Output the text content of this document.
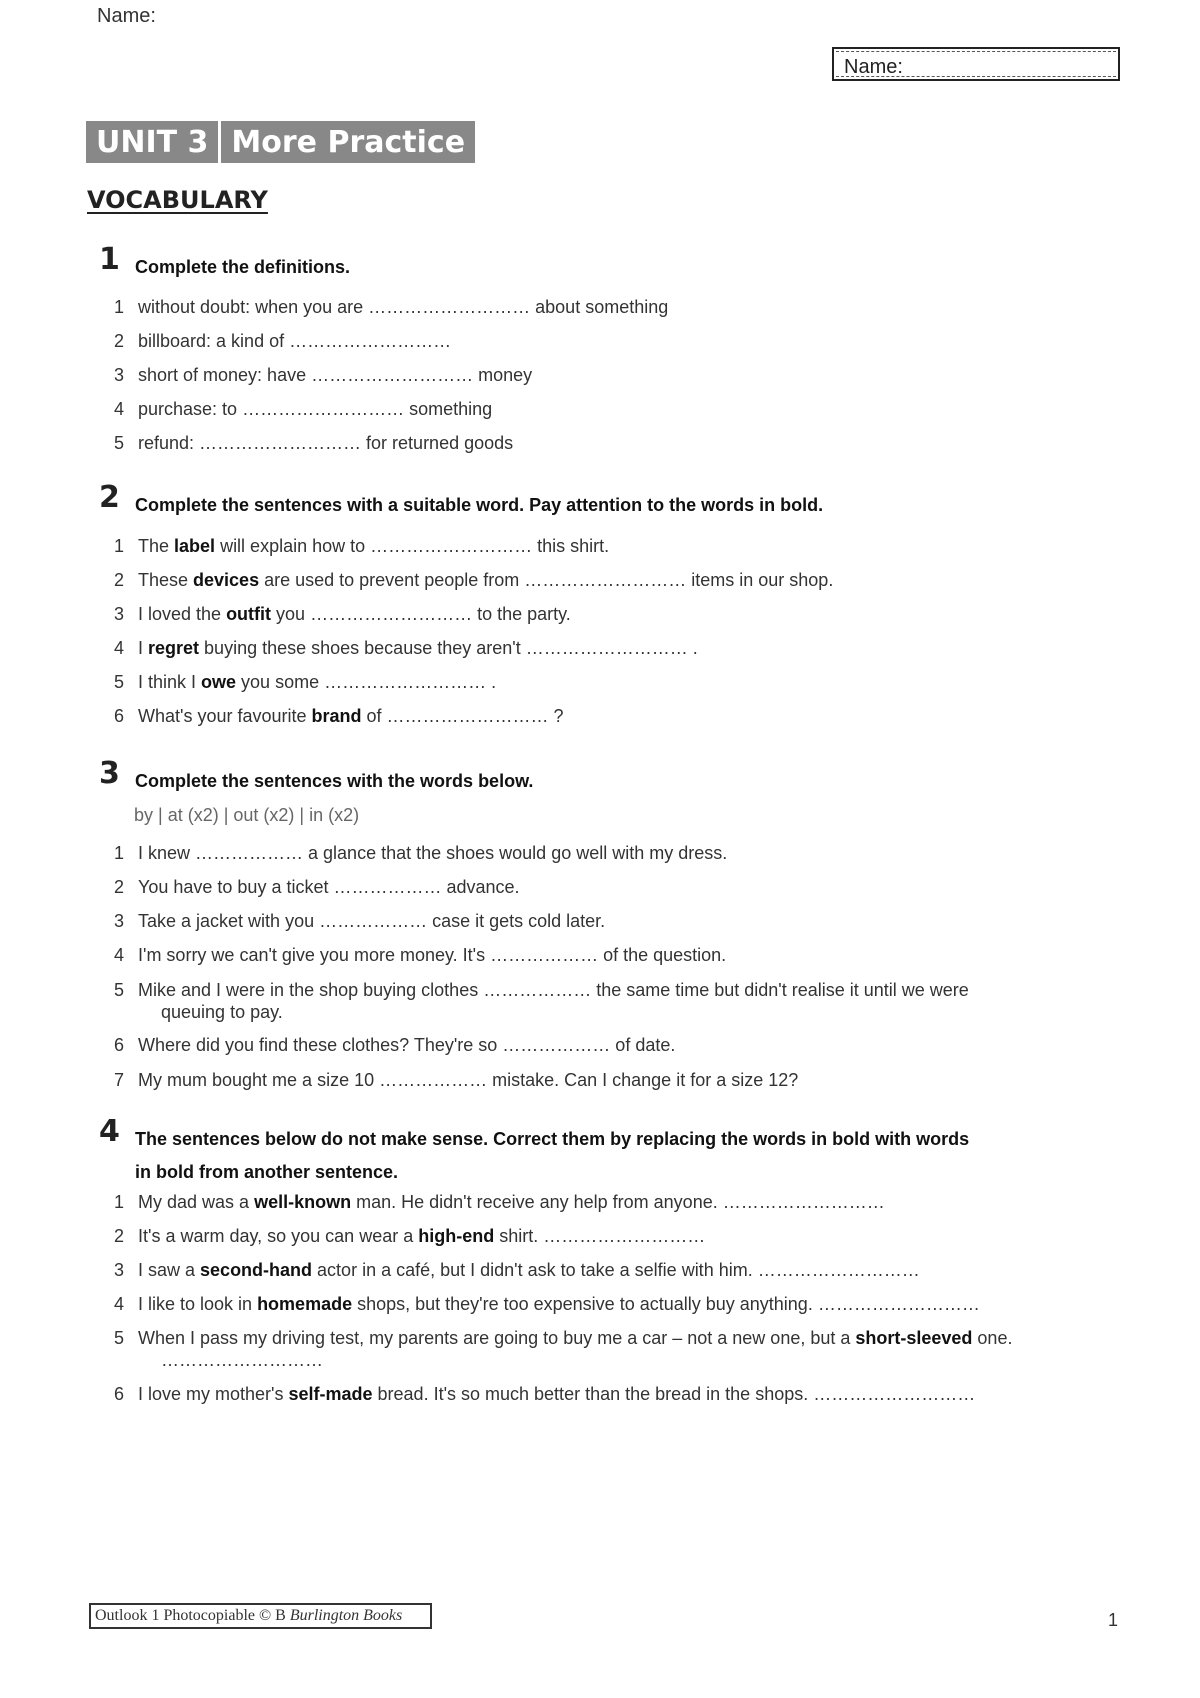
Name:
Name:
UNIT 3 More Practice
VOCABULARY
1 Complete the definitions.
1 without doubt: when you are ……………………… about something
2 billboard: a kind of ………………………
3 short of money: have ……………………… money
4 purchase: to ……………………… something
5 refund: ……………………… for returned goods
2 Complete the sentences with a suitable word. Pay attention to the words in bold.
1 The label will explain how to ……………………… this shirt.
2 These devices are used to prevent people from ……………………… items in our shop.
3 I loved the outfit you ……………………… to the party.
4 I regret buying these shoes because they aren't ……………………… .
5 I think I owe you some ……………………… .
6 What's your favourite brand of ……………………… ?
3 Complete the sentences with the words below.
by | at (x2) | out (x2) | in (x2)
1 I knew ……………… a glance that the shoes would go well with my dress.
2 You have to buy a ticket ……………… advance.
3 Take a jacket with you ……………… case it gets cold later.
4 I'm sorry we can't give you more money. It's ……………… of the question.
5 Mike and I were in the shop buying clothes ……………… the same time but didn't realise it until we were
queuing to pay.
6 Where did you find these clothes? They're so ……………… of date.
7 My mum bought me a size 10 ……………… mistake. Can I change it for a size 12?
4 The sentences below do not make sense. Correct them by replacing the words in bold with words in bold from another sentence.
1 My dad was a well-known man. He didn't receive any help from anyone. ………………………
2 It's a warm day, so you can wear a high-end shirt. ………………………
3 I saw a second-hand actor in a café, but I didn't ask to take a selfie with him. ………………………
4 I like to look in homemade shops, but they're too expensive to actually buy anything. ………………………
5 When I pass my driving test, my parents are going to buy me a car – not a new one, but a short-sleeved one.
………………………
6 I love my mother's self-made bread. It's so much better than the bread in the shops. ………………………
Outlook 1 Photocopiable © B Burlington Books	1
